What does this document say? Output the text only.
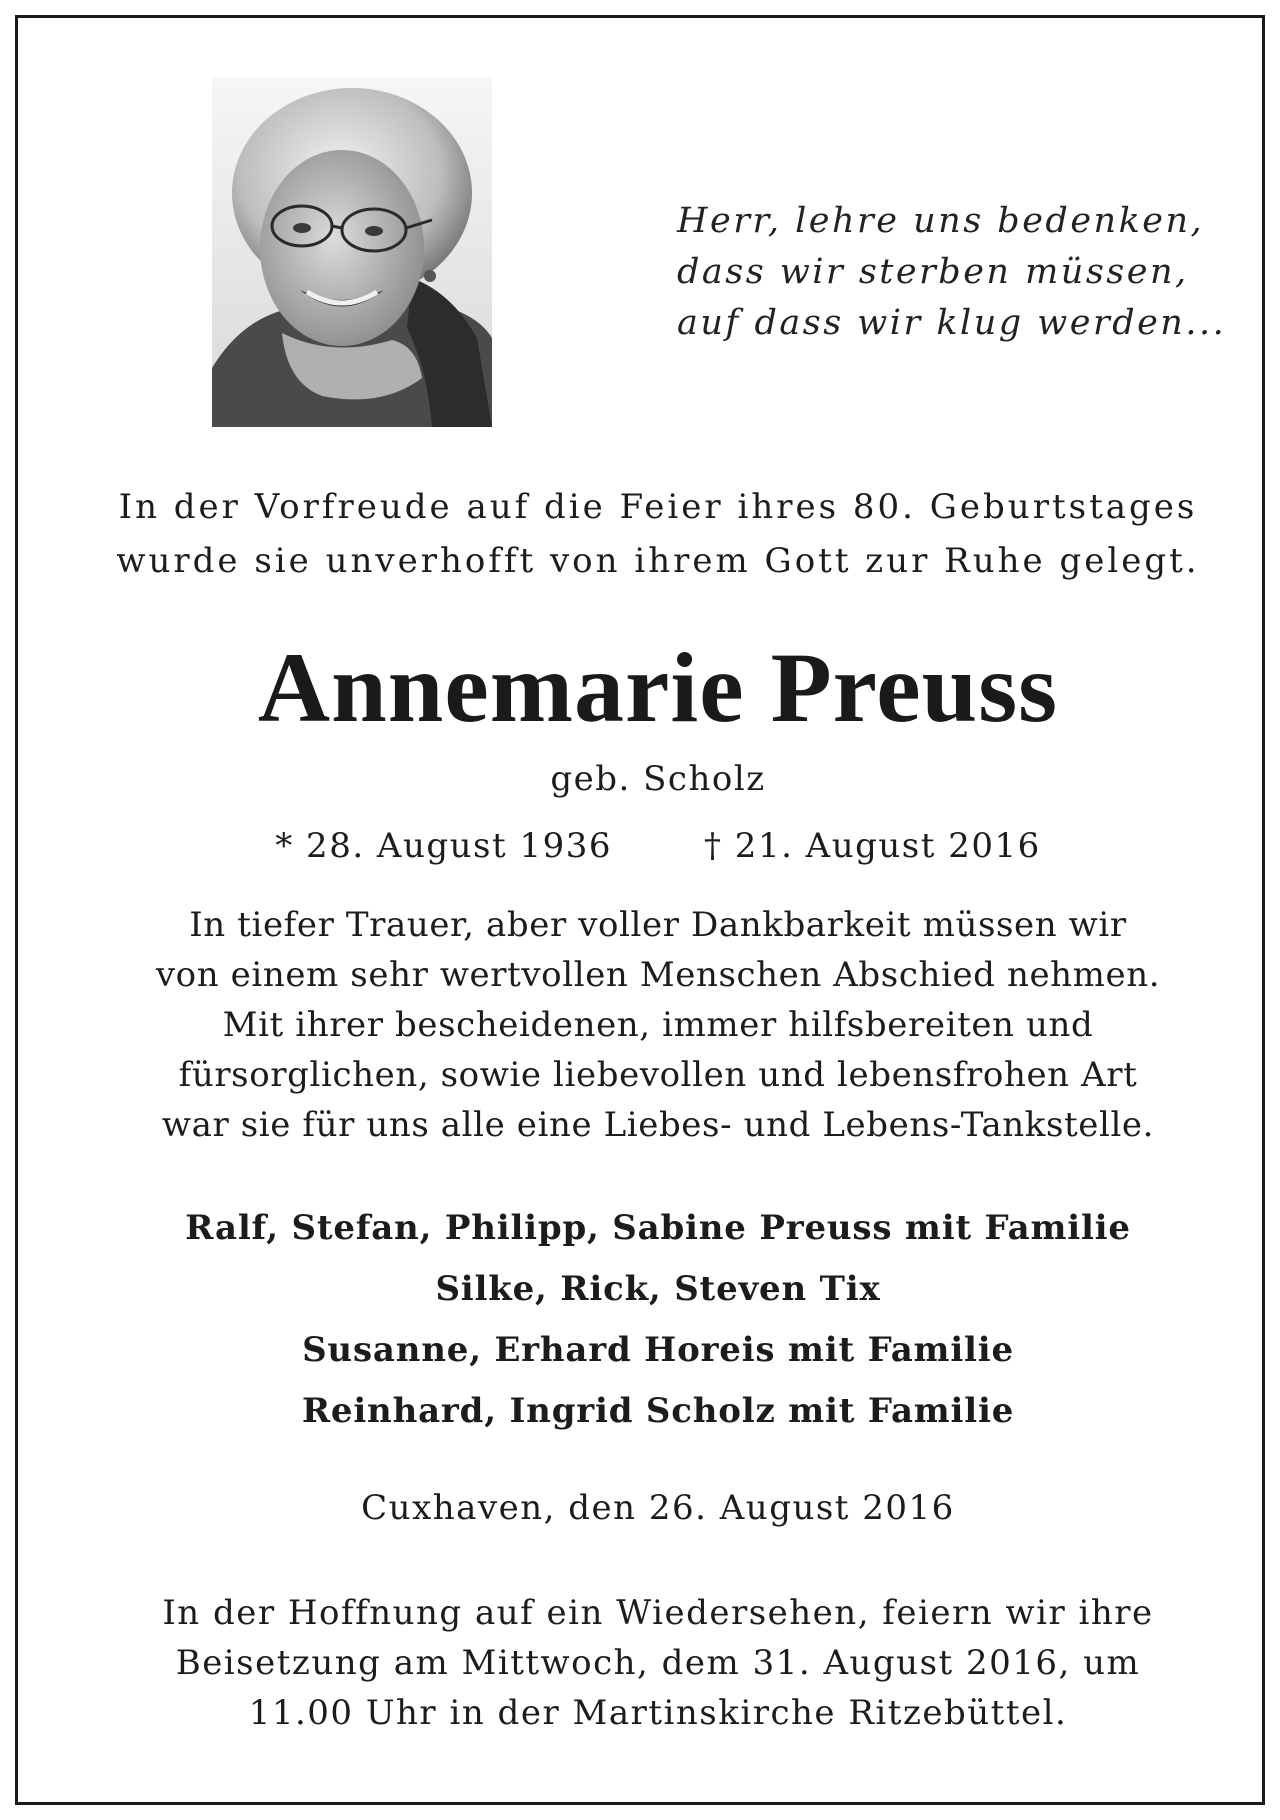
Herr, lehre uns bedenken,
dass wir sterben müssen,
auf dass wir klug werden...
In der Vorfreude auf die Feier ihres 80. Geburtstages
wurde sie unverhofft von ihrem Gott zur Ruhe gelegt.
Annemarie Preuss
geb. Scholz
* 28. August 1936	† 21. August 2016
In tiefer Trauer, aber voller Dankbarkeit müssen wir
von einem sehr wertvollen Menschen Abschied nehmen.
Mit ihrer bescheidenen, immer hilfsbereiten und
fürsorglichen, sowie liebevollen und lebensfrohen Art
war sie für uns alle eine Liebes- und Lebens-Tankstelle.
Ralf, Stefan, Philipp, Sabine Preuss mit Familie
Silke, Rick, Steven Tix
Susanne, Erhard Horeis mit Familie
Reinhard, Ingrid Scholz mit Familie
Cuxhaven, den 26. August 2016
In der Hoffnung auf ein Wiedersehen, feiern wir ihre
Beisetzung am Mittwoch, dem 31. August 2016, um
11.00 Uhr in der Martinskirche Ritzebüttel.
